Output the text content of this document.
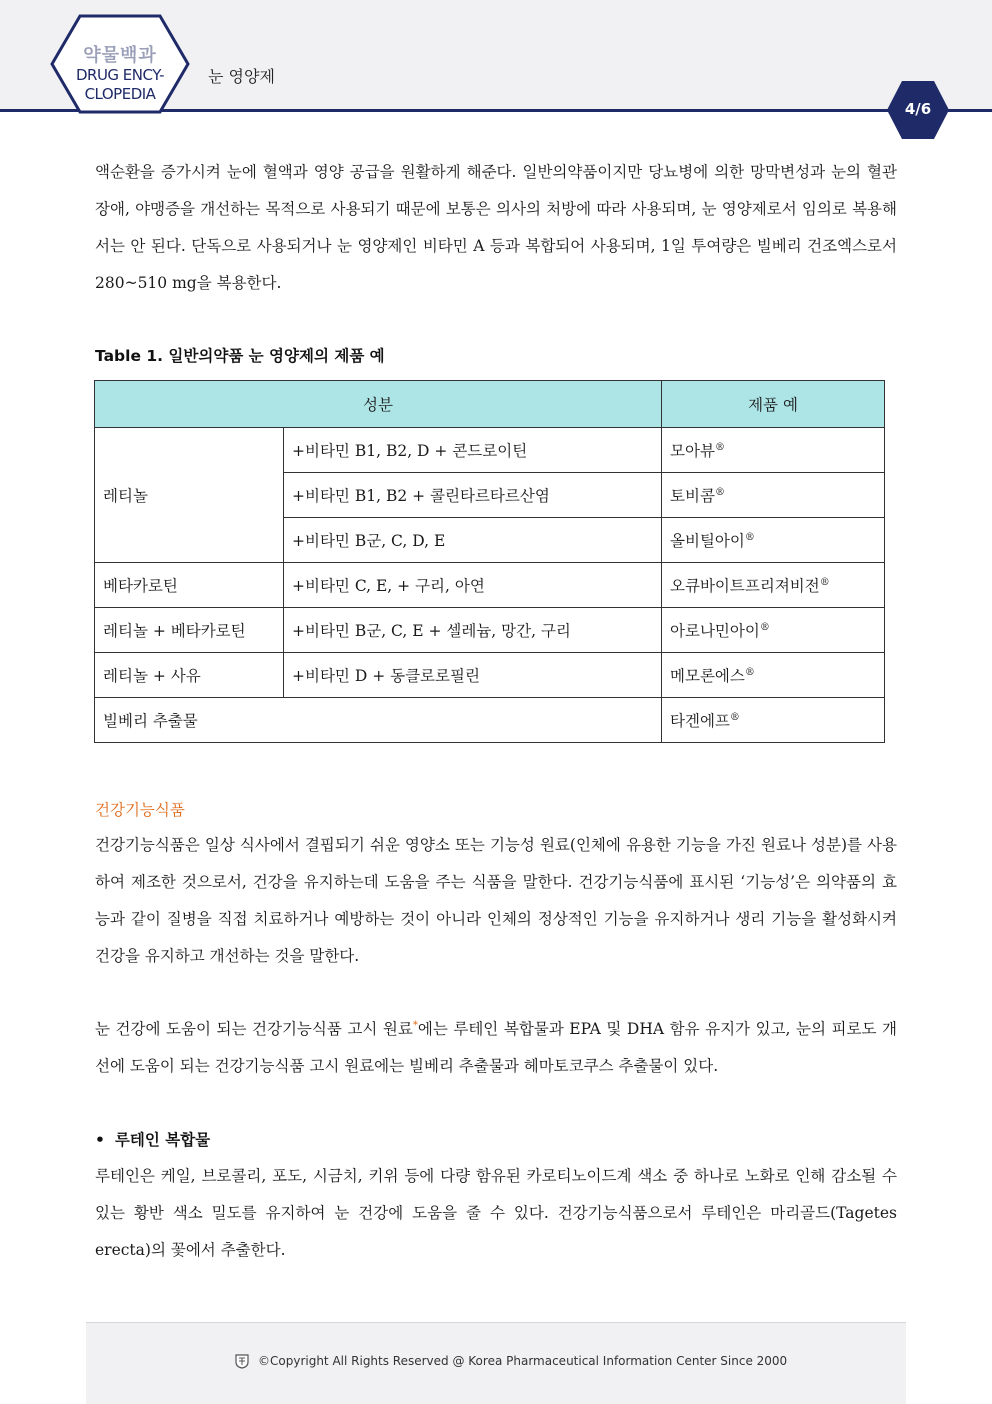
약물백과
DRUG ENCY-
CLOPEDIA
눈 영양제
4/6

액순환을 증가시켜 눈에 혈액과 영양 공급을 원활하게 해준다. 일반의약품이지만 당뇨병에 의한 망막변성과 눈의 혈관 장애, 야맹증을 개선하는 목적으로 사용되기 때문에 보통은 의사의 처방에 따라 사용되며, 눈 영양제로서 임의로 복용해서는 안 된다. 단독으로 사용되거나 눈 영양제인 비타민 A 등과 복합되어 사용되며, 1일 투여량은 빌베리 건조엑스로서 280~510 mg을 복용한다.

Table 1. 일반의약품 눈 영양제의 제품 예
성분		제품 예
레티놀	+비타민 B1, B2, D + 콘드로이틴	모아뷰®
	+비타민 B1, B2 + 콜린타르타르산염	토비콤®
	+비타민 B군, C, D, E	올비틸아이®
베타카로틴	+비타민 C, E, + 구리, 아연	오큐바이트프리져비전®
레티놀 + 베타카로틴	+비타민 B군, C, E + 셀레늄, 망간, 구리	아로나민아이®
레티놀 + 사유	+비타민 D + 동클로로필린	메모론에스®
빌베리 추출물		타겐에프®
건강기능식품

건강기능식품은 일상 식사에서 결핍되기 쉬운 영양소 또는 기능성 원료(인체에 유용한 기능을 가진 원료나 성분)를 사용하여 제조한 것으로서, 건강을 유지하는데 도움을 주는 식품을 말한다. 건강기능식품에 표시된 ‘기능성’은 의약품의 효능과 같이 질병을 직접 치료하거나 예방하는 것이 아니라 인체의 정상적인 기능을 유지하거나 생리 기능을 활성화시켜 건강을 유지하고 개선하는 것을 말한다.

눈 건강에 도움이 되는 건강기능식품 고시 원료*에는 루테인 복합물과 EPA 및 DHA 함유 유지가 있고, 눈의 피로도 개선에 도움이 되는 건강기능식품 고시 원료에는 빌베리 추출물과 헤마토코쿠스 추출물이 있다.

• 루테인 복합물

루테인은 케일, 브로콜리, 포도, 시금치, 키위 등에 다량 함유된 카로티노이드계 색소 중 하나로 노화로 인해 감소될 수 있는 황반 색소 밀도를 유지하여 눈 건강에 도움을 줄 수 있다. 건강기능식품으로서 루테인은 마리골드(Tagetes erecta)의 꽃에서 추출한다.

©Copyright All Rights Reserved @ Korea Pharmaceutical Information Center Since 2000
